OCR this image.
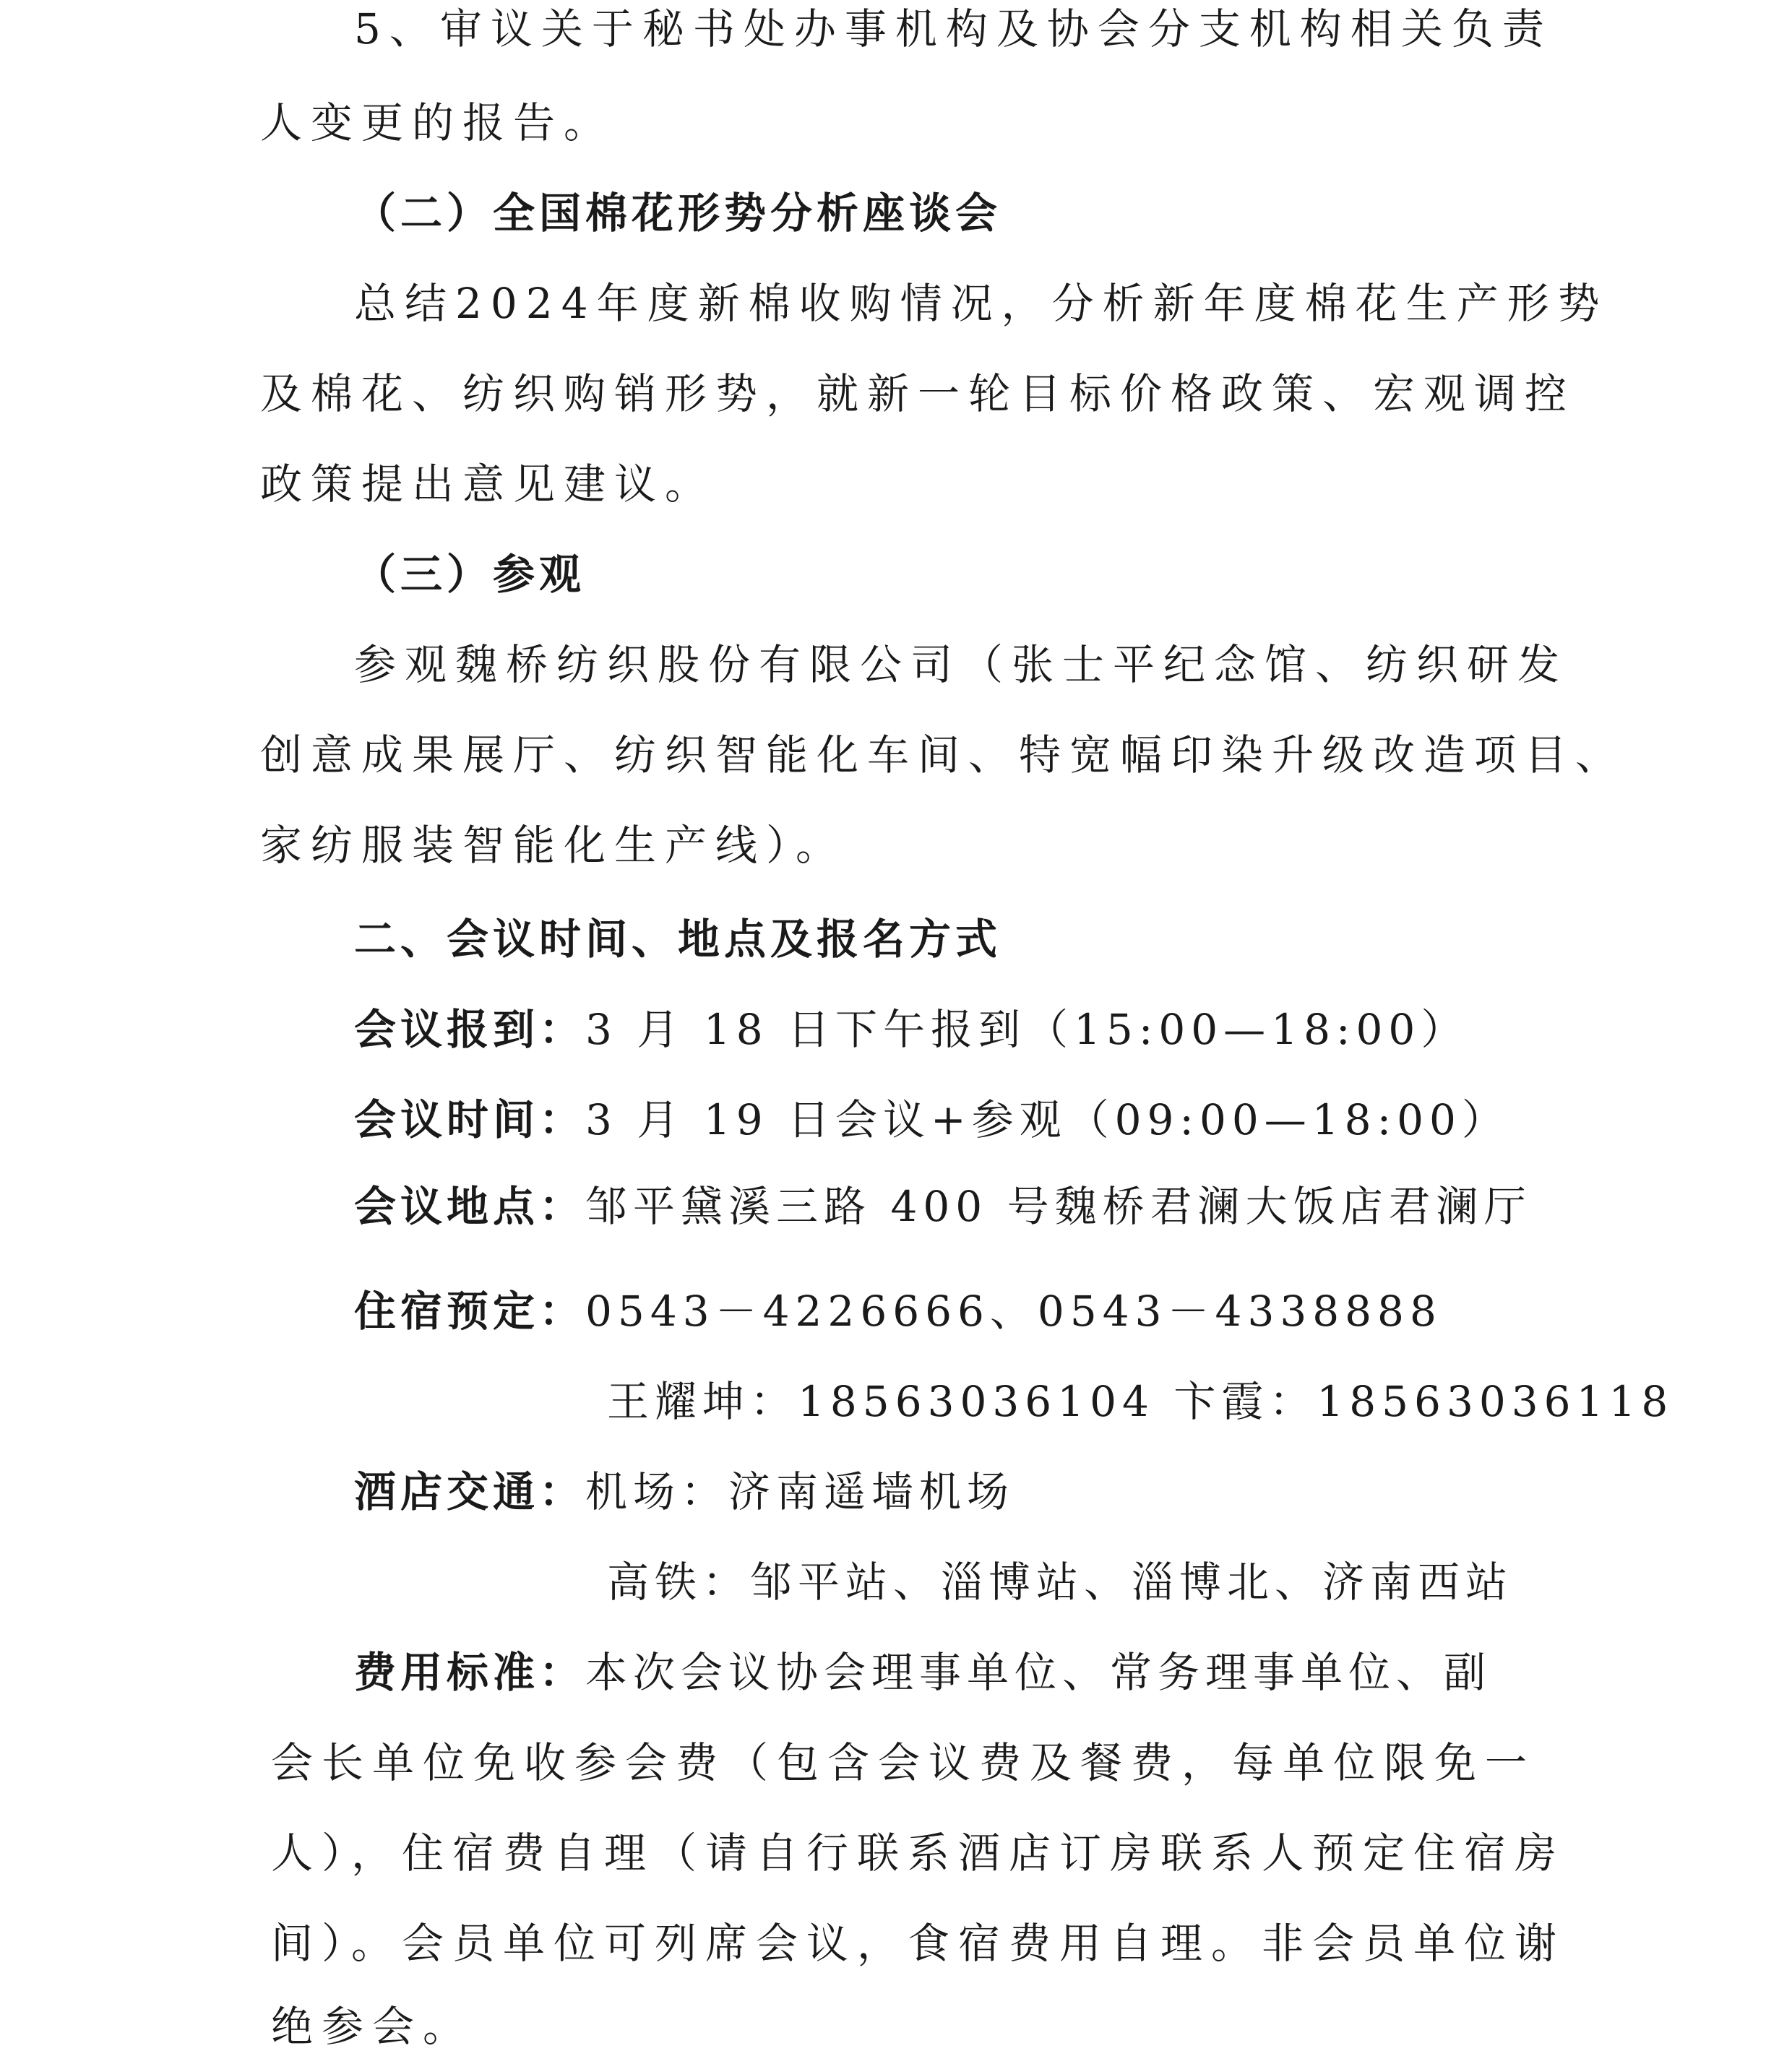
5、审议关于秘书处办事机构及协会分支机构相关负责
人变更的报告。
（二）全国棉花形势分析座谈会
总结2024年度新棉收购情况，分析新年度棉花生产形势
及棉花、纺织购销形势，就新一轮目标价格政策、宏观调控
政策提出意见建议。
（三）参观
参观魏桥纺织股份有限公司（张士平纪念馆、纺织研发
创意成果展厅、纺织智能化车间、特宽幅印染升级改造项目、
家纺服装智能化生产线）。
二、会议时间、地点及报名方式
会议报到：3 月 18 日下午报到（15:00—18:00）
会议时间：3 月 19 日会议+参观（09:00—18:00）
会议地点：邹平黛溪三路 400 号魏桥君澜大饭店君澜厅
住宿预定：0543－4226666、0543－4338888
王耀坤：18563036104 卞霞：18563036118
酒店交通：机场：济南遥墙机场
高铁：邹平站、淄博站、淄博北、济南西站
费用标准：本次会议协会理事单位、常务理事单位、副
会长单位免收参会费（包含会议费及餐费，每单位限免一
人），住宿费自理（请自行联系酒店订房联系人预定住宿房
间）。会员单位可列席会议，食宿费用自理。非会员单位谢
绝参会。
